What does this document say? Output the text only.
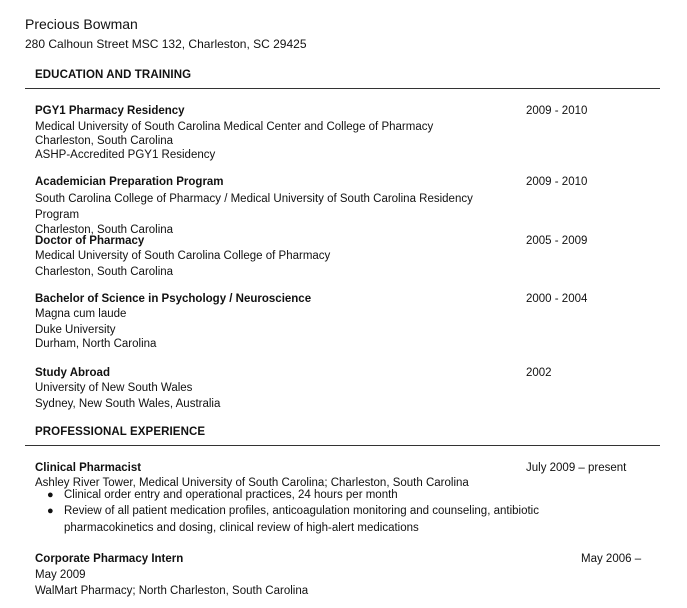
Precious Bowman
280 Calhoun Street MSC 132, Charleston, SC 29425
EDUCATION AND TRAINING
PGY1 Pharmacy Residency	2009 - 2010
Medical University of South Carolina Medical Center and College of Pharmacy
Charleston, South Carolina
ASHP-Accredited PGY1 Residency
Academician Preparation Program	2009 - 2010
South Carolina College of Pharmacy / Medical University of South Carolina Residency
Program
Charleston, South Carolina
Doctor of Pharmacy	2005 - 2009
Medical University of South Carolina College of Pharmacy
Charleston, South Carolina
Bachelor of Science in Psychology / Neuroscience	2000 - 2004
Magna cum laude
Duke University
Durham, North Carolina
Study Abroad	2002
University of New South Wales
Sydney, New South Wales, Australia
PROFESSIONAL EXPERIENCE
Clinical Pharmacist	July 2009 – present
Ashley River Tower, Medical University of South Carolina; Charleston, South Carolina
● Clinical order entry and operational practices, 24 hours per month
● Review of all patient medication profiles, anticoagulation monitoring and counseling, antibiotic
pharmacokinetics and dosing, clinical review of high-alert medications
Corporate Pharmacy Intern	May 2006 –
May 2009
WalMart Pharmacy; North Charleston, South Carolina
